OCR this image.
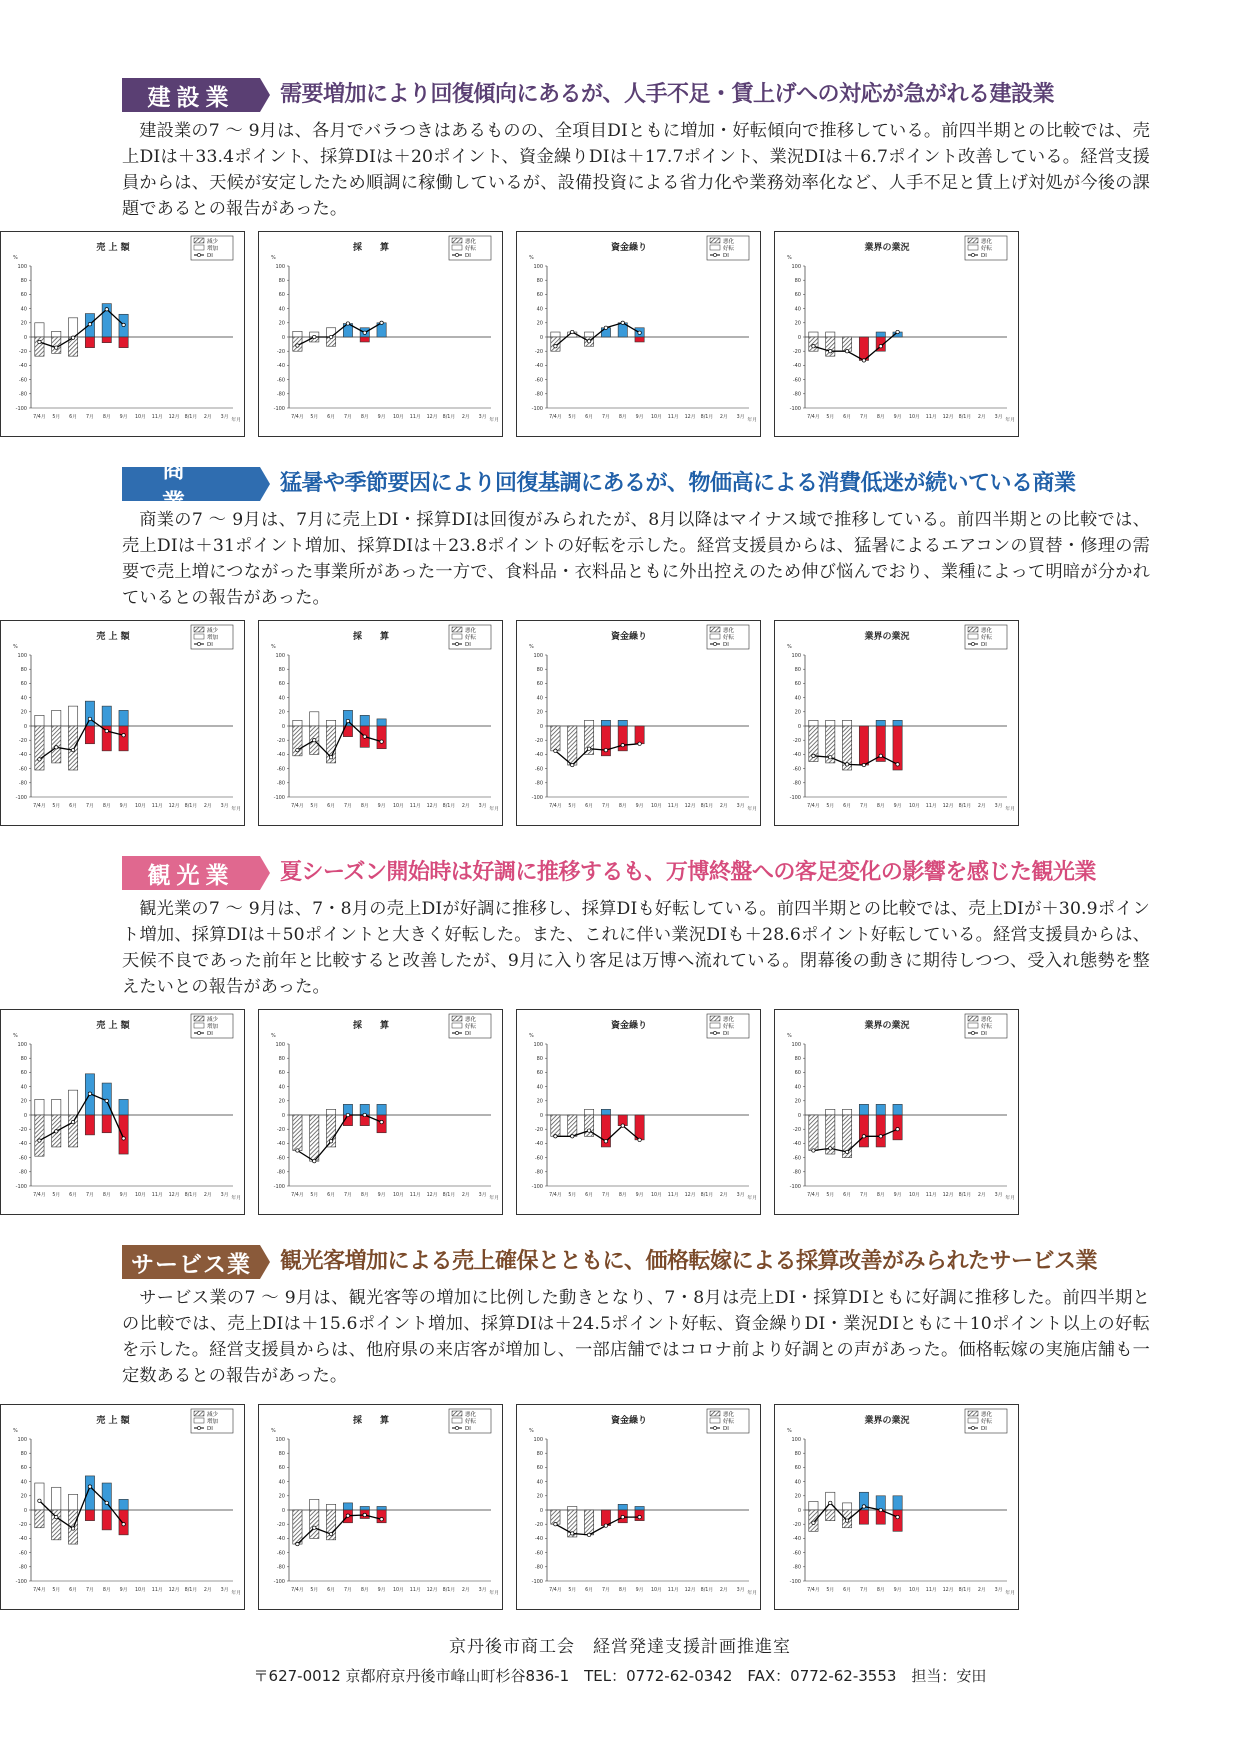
建設業 需要増加により回復傾向にあるが、人手不足・賃上げへの対応が急がれる建設業
建設業の7 ～ 9月は、各月でバラつきはあるものの、全項目DIともに増加・好転傾向で推移している。前四半期との比較では、売上DIは＋33.4ポイント、採算DIは＋20ポイント、資金繰りDIは＋17.7ポイント、業況DIは＋6.7ポイント改善している。経営支援員からは、天候が安定したため順調に稼働しているが、設備投資による省力化や業務効率化など、人手不足と賃上げ対処が今後の課題であるとの報告があった。
売 上 額
減少
増加
DI
%
100
80
60
40
20
0
-20
-40
-60
-80
-100
7/4月 5月 6月 7月 8月 9月 10月 11月 12月 8/1月 2月 3月
年月
採　　算
悪化
好転
DI
%
100
80
60
40
20
0
-20
-40
-60
-80
-100
7/4月 5月 6月 7月 8月 9月 10月 11月 12月 8/1月 2月 3月
年月
資金繰り
悪化
好転
DI
%
100
80
60
40
20
0
-20
-40
-60
-80
-100
7/4月 5月 6月 7月 8月 9月 10月 11月 12月 8/1月 2月 3月
年月
業界の業況
悪化
好転
DI
%
100
80
60
40
20
0
-20
-40
-60
-80
-100
7/4月 5月 6月 7月 8月 9月 10月 11月 12月 8/1月 2月 3月
年月
商業
猛暑や季節要因により回復基調にあるが、物価高による消費低迷が続いている商業
商業の7 ～ 9月は、7月に売上DI・採算DIは回復がみられたが、8月以降はマイナス域で推移している。前四半期との比較では、売上DIは＋31ポイント増加、採算DIは＋23.8ポイントの好転を示した。経営支援員からは、猛暑によるエアコンの買替・修理の需要で売上増につながった事業所があった一方で、食料品・衣料品ともに外出控えのため伸び悩んでおり、業種によって明暗が分かれているとの報告があった。
売 上 額
減少
増加
DI
%
100
80
60
40
20
0
-20
-40
-60
-80
-100
7/4月 5月 6月 7月 8月 9月 10月 11月 12月 8/1月 2月 3月
年月
採　　算
悪化
好転
DI
%
100
80
60
40
20
0
-20
-40
-60
-80
-100
7/4月 5月 6月 7月 8月 9月 10月 11月 12月 8/1月 2月 3月
年月
資金繰り
悪化
好転
DI
%
100
80
60
40
20
0
-20
-40
-60
-80
-100
7/4月 5月 6月 7月 8月 9月 10月 11月 12月 8/1月 2月 3月
年月
業界の業況
悪化
好転
DI
%
100
80
60
40
20
0
-20
-40
-60
-80
-100
7/4月 5月 6月 7月 8月 9月 10月 11月 12月 8/1月 2月 3月
年月
観光業 夏シーズン開始時は好調に推移するも、万博終盤への客足変化の影響を感じた観光業
観光業の7 ～ 9月は、7・8月の売上DIが好調に推移し、採算DIも好転している。前四半期との比較では、売上DIが＋30.9ポイント増加、採算DIは＋50ポイントと大きく好転した。また、これに伴い業況DIも＋28.6ポイント好転している。経営支援員からは、天候不良であった前年と比較すると改善したが、9月に入り客足は万博へ流れている。閉幕後の動きに期待しつつ、受入れ態勢を整えたいとの報告があった。
売 上 額
減少
増加
DI
%
100
80
60
40
20
0
-20
-40
-60
-80
-100
7/4月 5月 6月 7月 8月 9月 10月 11月 12月 8/1月 2月 3月
年月
採　　算
悪化
好転
DI
%
100
80
60
40
20
0
-20
-40
-60
-80
-100
7/4月 5月 6月 7月 8月 9月 10月 11月 12月 8/1月 2月 3月
年月
資金繰り
悪化
好転
DI
%
100
80
60
40
20
0
-20
-40
-60
-80
-100
7/4月 5月 6月 7月 8月 9月 10月 11月 12月 8/1月 2月 3月
年月
業界の業況
悪化
好転
DI
%
100
80
60
40
20
0
-20
-40
-60
-80
-100
7/4月 5月 6月 7月 8月 9月 10月 11月 12月 8/1月 2月 3月
年月
サービス業 観光客増加による売上確保とともに、価格転嫁による採算改善がみられたサービス業
サービス業の7 ～ 9月は、観光客等の増加に比例した動きとなり、7・8月は売上DI・採算DIともに好調に推移した。前四半期との比較では、売上DIは＋15.6ポイント増加、採算DIは＋24.5ポイント好転、資金繰りDI・業況DIともに＋10ポイント以上の好転を示した。経営支援員からは、他府県の来店客が増加し、一部店舗ではコロナ前より好調との声があった。価格転嫁の実施店舗も一定数あるとの報告があった。
売 上 額
減少
増加
DI
%
100
80
60
40
20
0
-20
-40
-60
-80
-100
7/4月 5月 6月 7月 8月 9月 10月 11月 12月 8/1月 2月 3月
年月
採　　算
悪化
好転
DI
%
100
80
60
40
20
0
-20
-40
-60
-80
-100
7/4月 5月 6月 7月 8月 9月 10月 11月 12月 8/1月 2月 3月
年月
資金繰り
悪化
好転
DI
%
100
80
60
40
20
0
-20
-40
-60
-80
-100
7/4月 5月 6月 7月 8月 9月 10月 11月 12月 8/1月 2月 3月
年月
業界の業況
悪化
好転
DI
%
100
80
60
40
20
0
-20
-40
-60
-80
-100
7/4月 5月 6月 7月 8月 9月 10月 11月 12月 8/1月 2月 3月
年月
京丹後市商工会　経営発達支援計画推進室
〒627-0012 京都府京丹後市峰山町杉谷836-1　TEL：0772-62-0342　FAX：0772-62-3553　担当：安田
